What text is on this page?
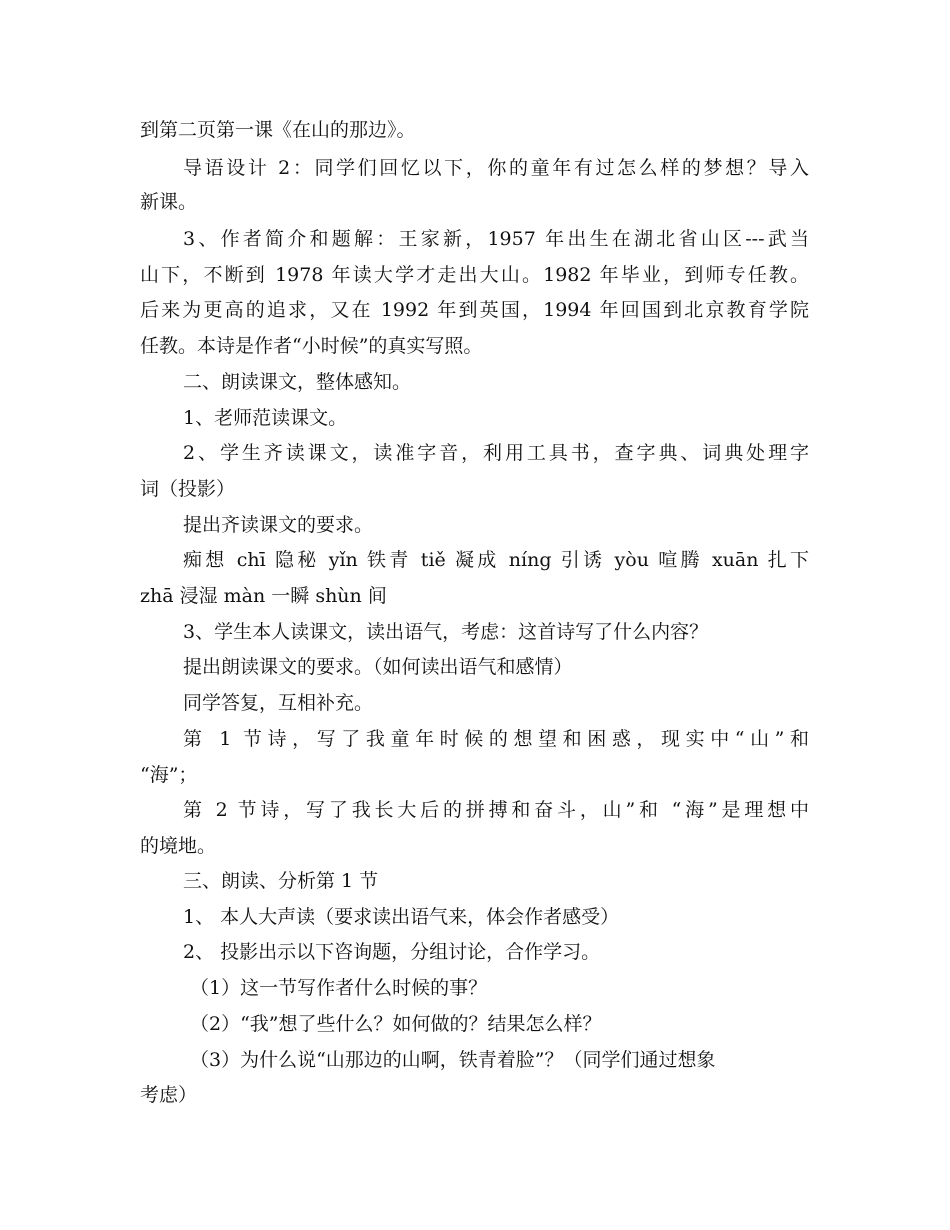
到第二页第一课《在山的那边》。
导语设计 2：同学们回忆以下，你的童年有过怎么样的梦想？导入
新课。
3、作者简介和题解：王家新，1957 年出生在湖北省山区---武当
山下，不断到 1978 年读大学才走出大山。1982 年毕业，到师专任教。
后来为更高的追求，又在 1992 年到英国，1994 年回国到北京教育学院
任教。本诗是作者“小时候”的真实写照。
二、朗读课文，整体感知。
1、老师范读课文。
2、学生齐读课文，读准字音，利用工具书，查字典、词典处理字
词（投影）
提出齐读课文的要求。
痴想 chī 隐秘 yǐn 铁青 tiě 凝成 níng 引诱 yòu 喧腾 xuān 扎下
zhā 浸湿 màn 一瞬 shùn 间
3、学生本人读课文，读出语气，考虑：这首诗写了什么内容？
提出朗读课文的要求。（如何读出语气和感情）
同学答复，互相补充。
第 1 节诗，写了我童年时候的想望和困惑，现实中“山”和
“海”；
第 2 节诗，写了我长大后的拼搏和奋斗，山”和 “海”是理想中
的境地。
三、朗读、分析第 1 节
1、 本人大声读（要求读出语气来，体会作者感受）
2、 投影出示以下咨询题，分组讨论，合作学习。
（1）这一节写作者什么时候的事？
（2）“我”想了些什么？如何做的？结果怎么样？
（3）为什么说“山那边的山啊，铁青着脸”？（同学们通过想象
考虑）
